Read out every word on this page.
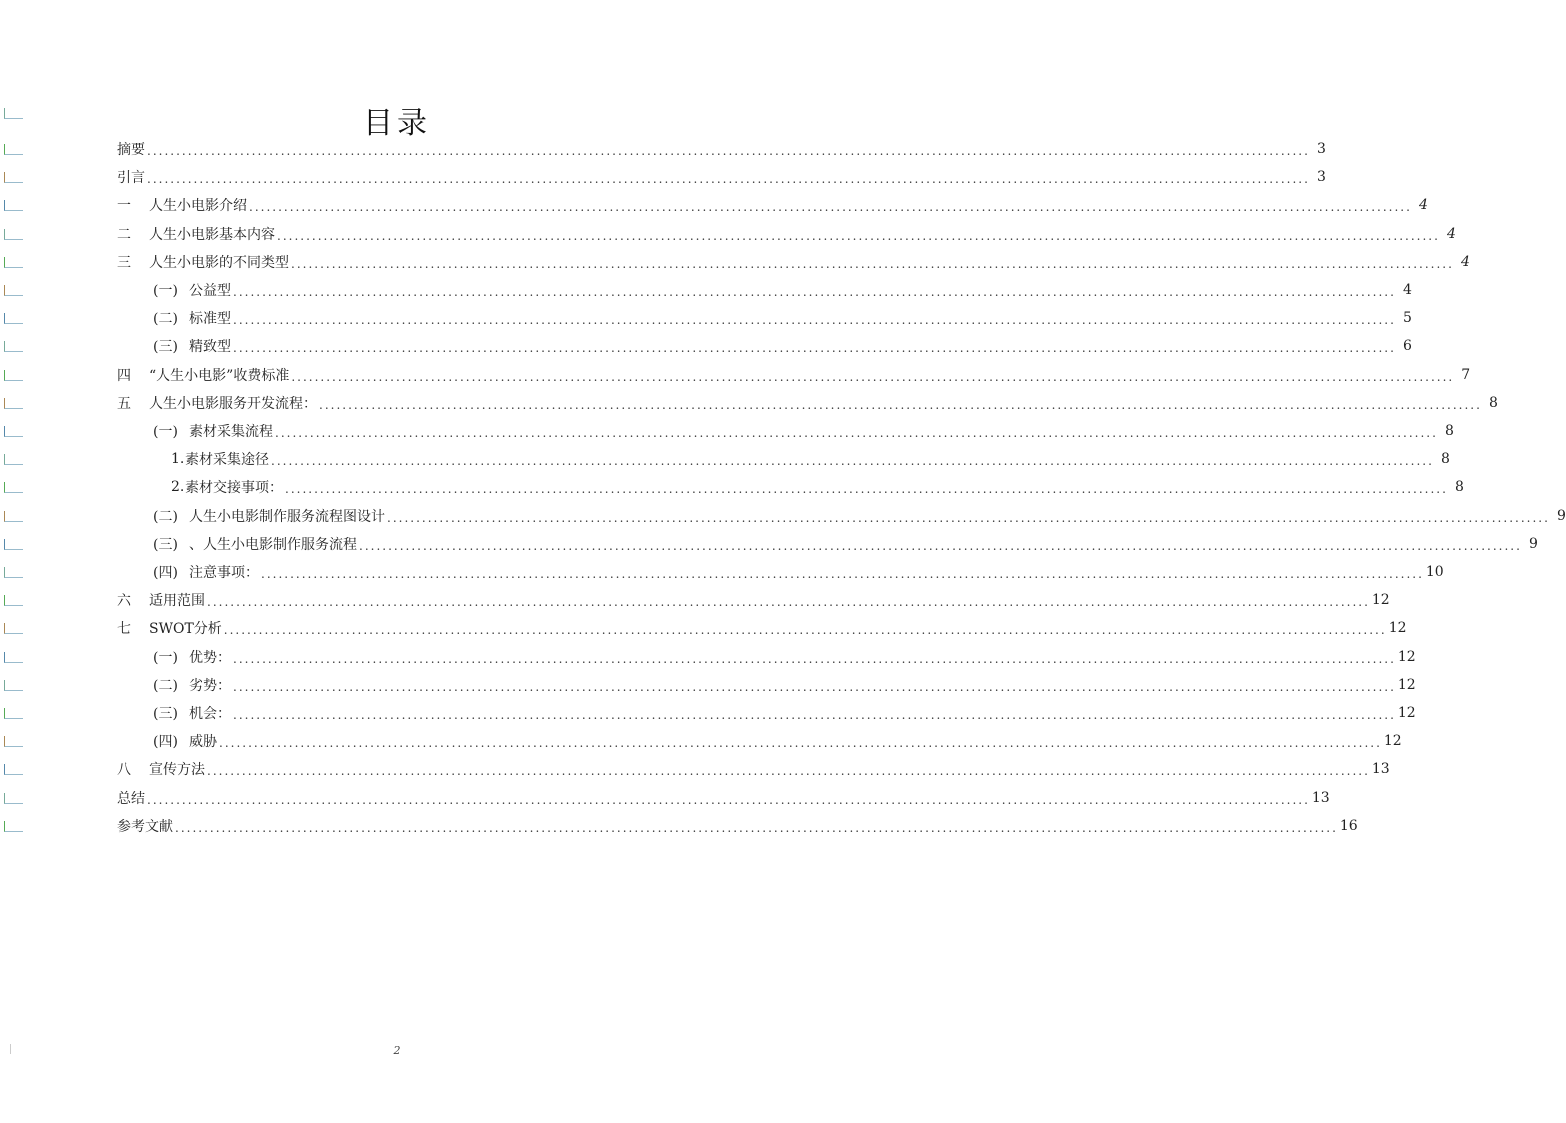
目录
摘要 ........................................................................................................................................................................................................ 3
引言 ........................................................................................................................................................................................................ 3
一	人生小电影介绍 ........................................................................................................................................................................................................ 4
二	人生小电影基本内容 ........................................................................................................................................................................................................ 4
三	人生小电影的不同类型 ........................................................................................................................................................................................................ 4
(一) 公益型 ........................................................................................................................................................................................................ 4
(二) 标准型 ........................................................................................................................................................................................................ 5
(三) 精致型 ........................................................................................................................................................................................................ 6
四	“人生小电影”收费标准 ........................................................................................................................................................................................................ 7
五	人生小电影服务开发流程： ........................................................................................................................................................................................................ 8
(一) 素材采集流程 ........................................................................................................................................................................................................ 8
1. 素材采集途径 ........................................................................................................................................................................................................ 8
2. 素材交接事项： ........................................................................................................................................................................................................ 8
(二) 人生小电影制作服务流程图设计 ........................................................................................................................................................................................................ 9
(三) 、人生小电影制作服务流程 ........................................................................................................................................................................................................ 9
(四) 注意事项： ........................................................................................................................................................................................................ 10
六	适用范围 ........................................................................................................................................................................................................ 12
七	SWOT分析 ........................................................................................................................................................................................................ 12
(一) 优势： ........................................................................................................................................................................................................ 12
(二) 劣势： ........................................................................................................................................................................................................ 12
(三) 机会： ........................................................................................................................................................................................................ 12
(四) 威胁 ........................................................................................................................................................................................................ 12
八	宣传方法 ........................................................................................................................................................................................................ 13
总结 ........................................................................................................................................................................................................ 13
参考文献 ........................................................................................................................................................................................................ 16
2
